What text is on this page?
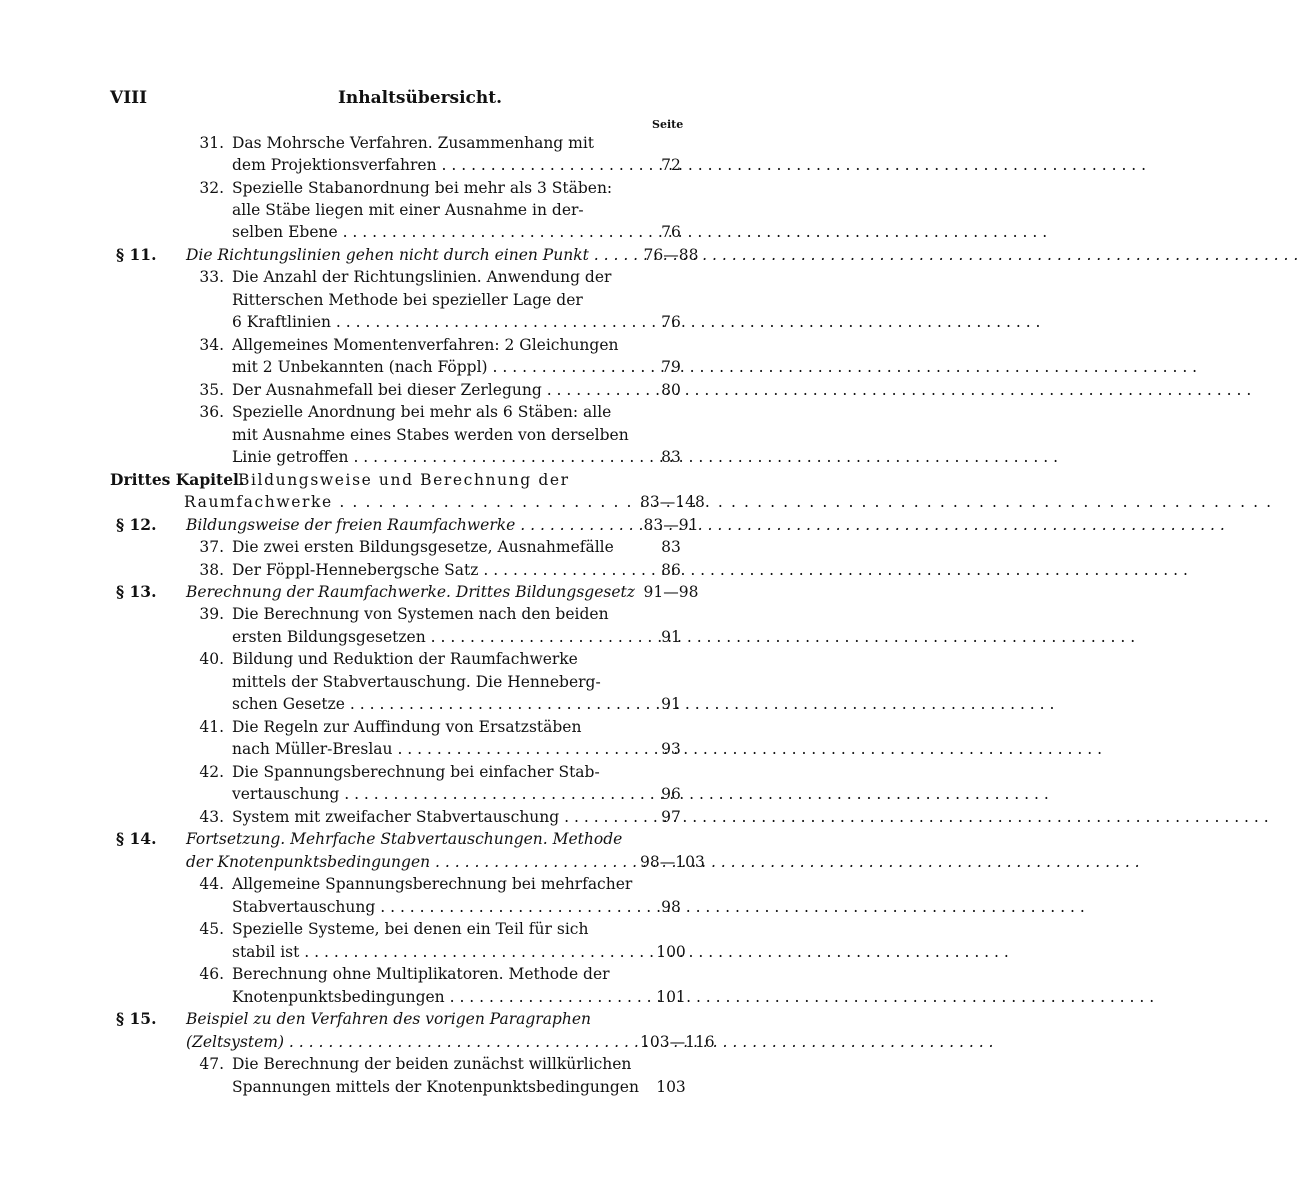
VIII	Inhaltsübersicht.
Seite
31. Das Mohrsche Verfahren. Zusammenhang mit
dem Projektionsverfahren . . .	72
32. Spezielle Stabanordnung bei mehr als 3 Stäben:
alle Stäbe liegen mit einer Ausnahme in der-
selben Ebene . . .	76
§ 11. Die Richtungslinien gehen nicht durch einen Punkt . . .	76—88
33. Die Anzahl der Richtungslinien. Anwendung der
Ritterschen Methode bei spezieller Lage der
6 Kraftlinien . . .	76
34. Allgemeines Momentenverfahren: 2 Gleichungen
mit 2 Unbekannten (nach Föppl) . . .	79
35. Der Ausnahmefall bei dieser Zerlegung . . .	80
36. Spezielle Anordnung bei mehr als 6 Stäben: alle
mit Ausnahme eines Stabes werden von derselben
Linie getroffen . . .	83
Drittes Kapitel.
Bildungsweise und Berechnung der
Raumfachwerke . . .	83—148
§ 12. Bildungsweise der freien Raumfachwerke . . .	83—91
37. Die zwei ersten Bildungsgesetze, Ausnahmefälle	83
38. Der Föppl-Hennebergsche Satz . . .	86
§ 13. Berechnung der Raumfachwerke. Drittes Bildungsgesetz 91—98
39. Die Berechnung von Systemen nach den beiden
ersten Bildungsgesetzen . . .	91
40. Bildung und Reduktion der Raumfachwerke
mittels der Stabvertauschung. Die Henneberg-
schen Gesetze . . .	91
41. Die Regeln zur Auffindung von Ersatzstäben
nach Müller-Breslau . . .	93
42. Die Spannungsberechnung bei einfacher Stab-
vertauschung . . .	96
43. System mit zweifacher Stabvertauschung . . .	97
§ 14. Fortsetzung. Mehrfache Stabvertauschungen. Methode
der Knotenpunktsbedingungen . . .	98—103
44. Allgemeine Spannungsberechnung bei mehrfacher
Stabvertauschung . . .	98
45. Spezielle Systeme, bei denen ein Teil für sich
stabil ist . . .	100
46. Berechnung ohne Multiplikatoren. Methode der
Knotenpunktsbedingungen . . .	101
§ 15. Beispiel zu den Verfahren des vorigen Paragraphen
(Zeltsystem) . . .	103—116
47. Die Berechnung der beiden zunächst willkürlichen
Spannungen mittels der Knotenpunktsbedingungen	103
